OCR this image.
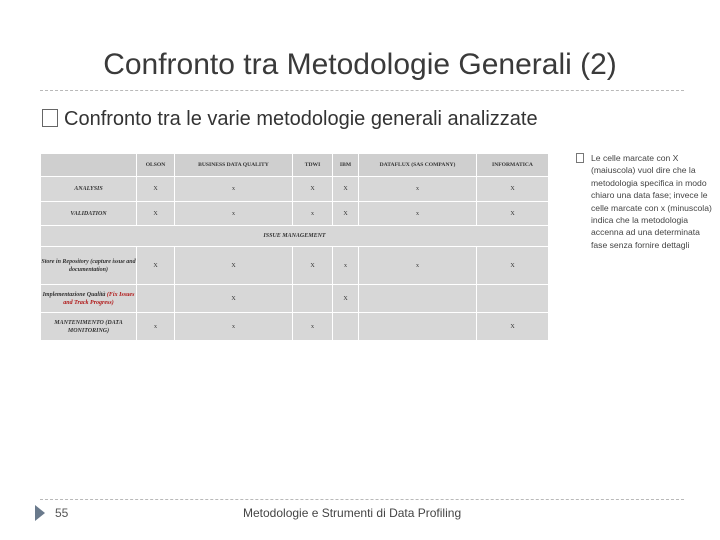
Confronto tra Metodologie Generali (2)
Confronto tra le varie metodologie generali analizzate
	OLSON	BUSINESS DATA QUALITY	TDWI	IBM	DATAFLUX (SAS COMPANY)	INFORMATICA
ANALYSIS	X	x	X	X	x	X
VALIDATION	X	x	x	X	x	X
ISSUE MANAGEMENT						
Store in Repository (capture issue and documentation)	X	X	X	x	x	X
Implementazione Qualità (Fix Issues and Track Progress)		X		X		
MANTENIMENTO (DATA MONITORING)	x	x	x			X
Le celle marcate con X (maiuscola) vuol dire che la metodologia specifica in modo chiaro una data fase; invece le celle marcate con x (minuscola) indica che la metodologia accenna ad una determinata fase senza fornire dettagli
55	Metodologie e Strumenti di Data Profiling
